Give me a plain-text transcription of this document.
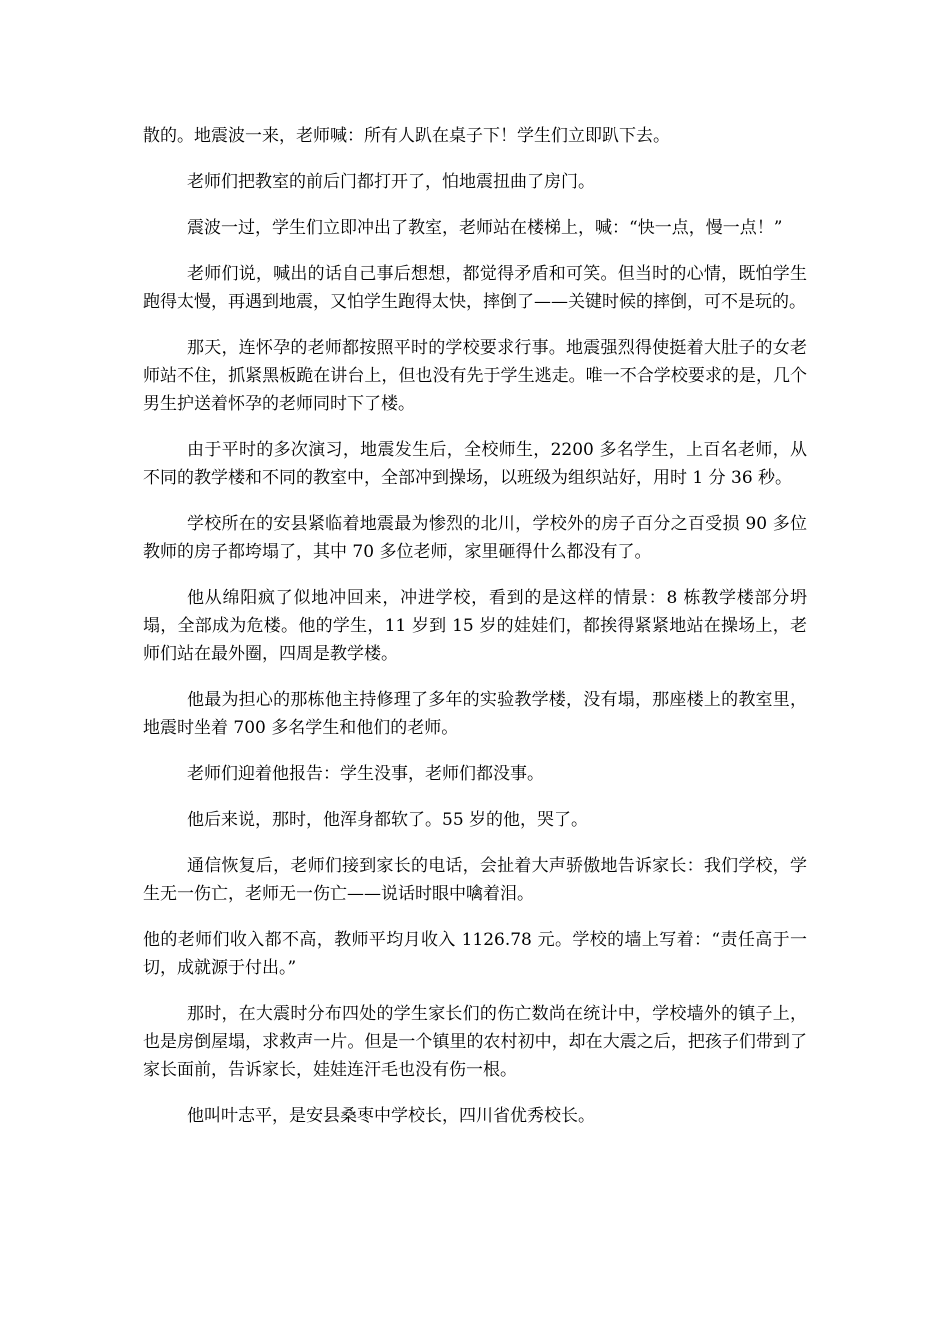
散的。地震波一来，老师喊：所有人趴在桌子下！学生们立即趴下去。

老师们把教室的前后门都打开了，怕地震扭曲了房门。

震波一过，学生们立即冲出了教室，老师站在楼梯上，喊：“快一点，慢一点！”

老师们说，喊出的话自己事后想想，都觉得矛盾和可笑。但当时的心情，既怕学生跑得太慢，再遇到地震，又怕学生跑得太快，摔倒了——关键时候的摔倒，可不是玩的。

那天，连怀孕的老师都按照平时的学校要求行事。地震强烈得使挺着大肚子的女老师站不住，抓紧黑板跪在讲台上，但也没有先于学生逃走。唯一不合学校要求的是，几个男生护送着怀孕的老师同时下了楼。

由于平时的多次演习，地震发生后，全校师生，2200 多名学生，上百名老师，从不同的教学楼和不同的教室中，全部冲到操场，以班级为组织站好，用时 1 分 36 秒。

学校所在的安县紧临着地震最为惨烈的北川，学校外的房子百分之百受损 90 多位教师的房子都垮塌了，其中 70 多位老师，家里砸得什么都没有了。

他从绵阳疯了似地冲回来，冲进学校，看到的是这样的情景：8 栋教学楼部分坍塌，全部成为危楼。他的学生，11 岁到 15 岁的娃娃们，都挨得紧紧地站在操场上，老师们站在最外圈，四周是教学楼。

他最为担心的那栋他主持修理了多年的实验教学楼，没有塌，那座楼上的教室里，地震时坐着 700 多名学生和他们的老师。

老师们迎着他报告：学生没事，老师们都没事。

他后来说，那时，他浑身都软了。55 岁的他，哭了。

通信恢复后，老师们接到家长的电话，会扯着大声骄傲地告诉家长：我们学校，学生无一伤亡，老师无一伤亡——说话时眼中噙着泪。

他的老师们收入都不高，教师平均月收入 1126.78 元。学校的墙上写着：“责任高于一切，成就源于付出。”

那时，在大震时分布四处的学生家长们的伤亡数尚在统计中，学校墙外的镇子上，也是房倒屋塌，求救声一片。但是一个镇里的农村初中，却在大震之后，把孩子们带到了家长面前，告诉家长，娃娃连汗毛也没有伤一根。

他叫叶志平，是安县桑枣中学校长，四川省优秀校长。
